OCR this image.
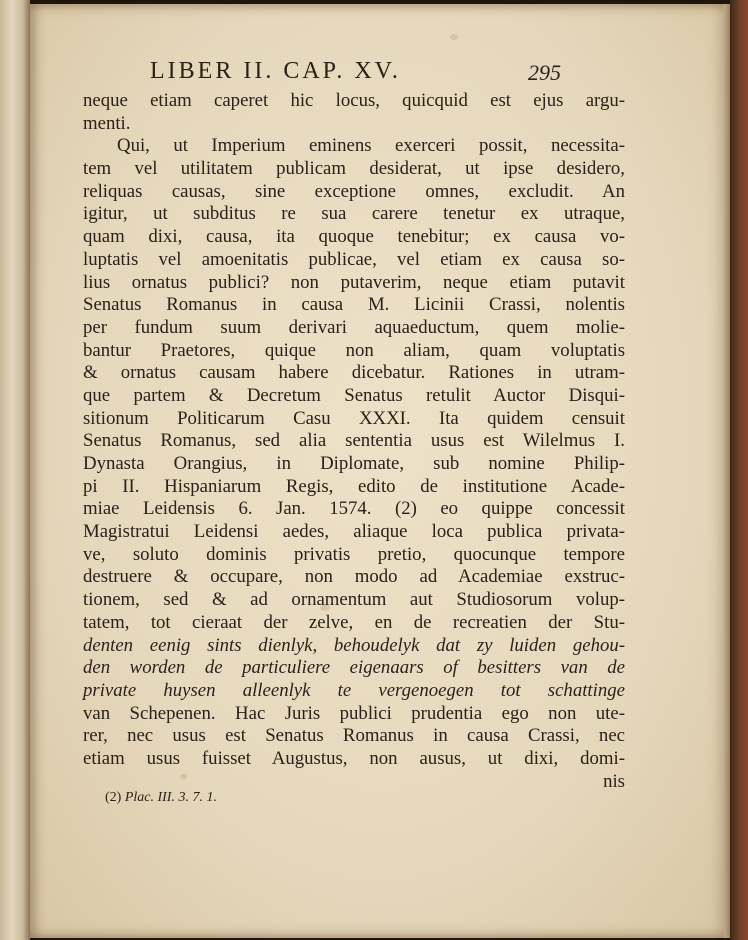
LIBER II. CAP. XV.	295
neque etiam caperet hic locus, quicquid est ejus argu-
menti.
Qui, ut Imperium eminens exerceri possit, necessita-
tem vel utilitatem publicam desiderat, ut ipse desidero,
reliquas causas, sine exceptione omnes, excludit. An
igitur, ut subditus re sua carere tenetur ex utraque,
quam dixi, causa, ita quoque tenebitur; ex causa vo-
luptatis vel amoenitatis publicae, vel etiam ex causa so-
lius ornatus publici? non putaverim, neque etiam putavit
Senatus Romanus in causa M. Licinii Crassi, nolentis
per fundum suum derivari aquaeductum, quem molie-
bantur Praetores, quique non aliam, quam voluptatis
& ornatus causam habere dicebatur. Rationes in utram-
que partem & Decretum Senatus retulit Auctor Disqui-
sitionum Politicarum Casu XXXI. Ita quidem censuit
Senatus Romanus, sed alia sententia usus est Wilelmus I.
Dynasta Orangius, in Diplomate, sub nomine Philip-
pi II. Hispaniarum Regis, edito de institutione Acade-
miae Leidensis 6. Jan. 1574. (2) eo quippe concessit
Magistratui Leidensi aedes, aliaque loca publica privata-
ve, soluto dominis privatis pretio, quocunque tempore
destruere & occupare, non modo ad Academiae exstruc-
tionem, sed & ad ornamentum aut Studiosorum volup-
tatem, tot cieraat der zelve, en de recreatien der Stu-
denten eenig sints dienlyk, behoudelyk dat zy luiden gehou-
den worden de particuliere eigenaars of besitters van de
private huysen alleenlyk te vergenoegen tot schattinge
van Schepenen. Hac Juris publici prudentia ego non ute-
rer, nec usus est Senatus Romanus in causa Crassi, nec
etiam usus fuisset Augustus, non ausus, ut dixi, domi-
nis
(2) Plac. III. 3. 7. 1.
